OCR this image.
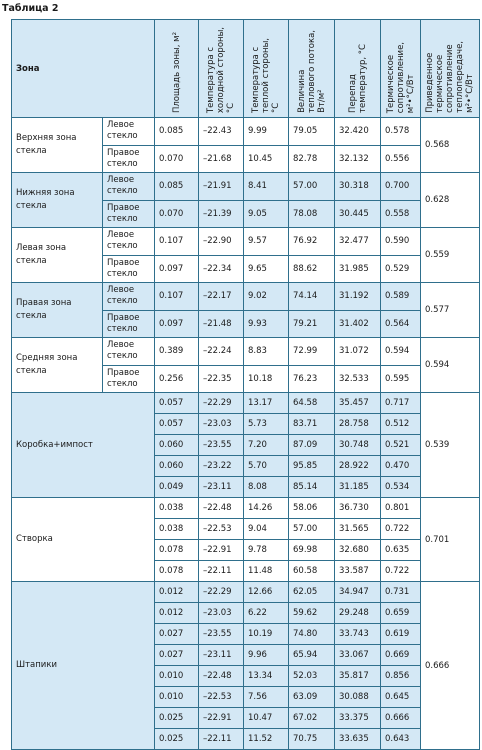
Таблица 2
Зона		Площадь зоны, м²	Температура с
холодной стороны,
°С	Температура с
теплой стороны,
°С	Величина
теплового потока,
Вт/м²	Перепад
температур, °С	Термическое
сопротивление,
м²•°С/Вт	Приведенное
термическое
сопротивление
теплопередаче,
м²•°С/Вт

Верхняя зона
стекла	Левое
стекло	0.085	–22.43	9.99	79.05	32.420	0.578	0.568
	Правое
стекло	0.070	–21.68	10.45	82.78	32.132	0.556	
Нижняя зона
стекла	Левое
стекло	0.085	–21.91	8.41	57.00	30.318	0.700	0.628
	Правое
стекло	0.070	–21.39	9.05	78.08	30.445	0.558	
Левая зона
стекла	Левое
стекло	0.107	–22.90	9.57	76.92	32.477	0.590	0.559
	Правое
стекло	0.097	–22.34	9.65	88.62	31.985	0.529	
Правая зона
стекла	Левое
стекло	0.107	–22.17	9.02	74.14	31.192	0.589	0.577
	Правое
стекло	0.097	–21.48	9.93	79.21	31.402	0.564	
Средняя зона
стекла	Левое
стекло	0.389	–22.24	8.83	72.99	31.072	0.594	0.594
	Правое
стекло	0.256	–22.35	10.18	76.23	32.533	0.595	
Коробка+импост		0.057	–22.29	13.17	64.58	35.457	0.717	0.539
		0.057	–23.03	5.73	83.71	28.758	0.512	
		0.060	–23.55	7.20	87.09	30.748	0.521	
		0.060	–23.22	5.70	95.85	28.922	0.470	
		0.049	–23.11	8.08	85.14	31.185	0.534	
Створка		0.038	–22.48	14.26	58.06	36.730	0.801	0.701
		0.038	–22.53	9.04	57.00	31.565	0.722	
		0.078	–22.91	9.78	69.98	32.680	0.635	
		0.078	–22.11	11.48	60.58	33.587	0.722	
Штапики		0.012	–22.29	12.66	62.05	34.947	0.731	0.666
		0.012	–23.03	6.22	59.62	29.248	0.659	
		0.027	–23.55	10.19	74.80	33.743	0.619	
		0.027	–23.11	9.96	65.94	33.067	0.669	
		0.010	–22.48	13.34	52.03	35.817	0.856	
		0.010	–22.53	7.56	63.09	30.088	0.645	
		0.025	–22.91	10.47	67.02	33.375	0.666	
		0.025	–22.11	11.52	70.75	33.635	0.643	
